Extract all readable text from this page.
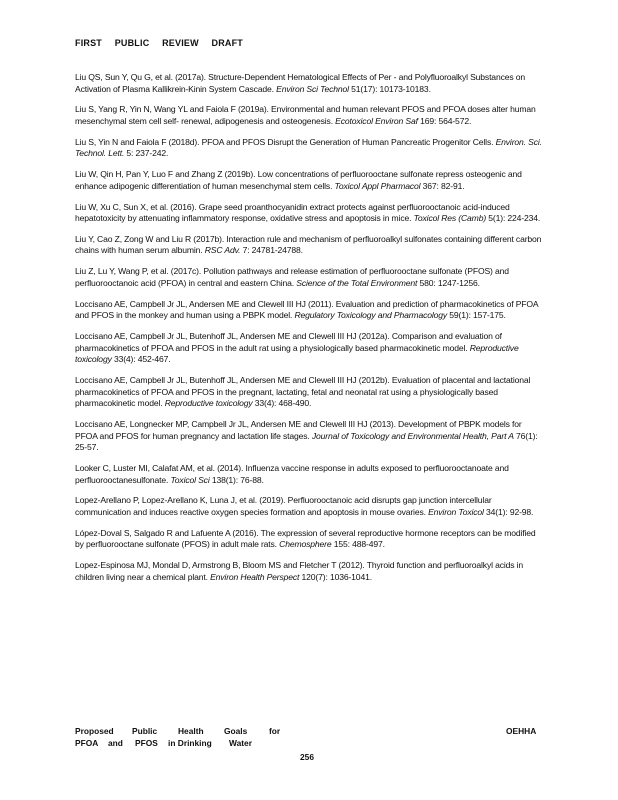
FIRST PUBLIC REVIEW DRAFT

Liu QS, Sun Y, Qu G, et al. (2017a). Structure-Dependent Hematological Effects of Per - and Polyfluoroalkyl Substances on Activation of Plasma Kallikrein-Kinin System Cascade. Environ Sci Technol 51(17): 10173-10183.

Liu S, Yang R, Yin N, Wang YL and Faiola F (2019a). Environmental and human relevant PFOS and PFOA doses alter human mesenchymal stem cell self- renewal, adipogenesis and osteogenesis. Ecotoxicol Environ Saf 169: 564-572.

Liu S, Yin N and Faiola F (2018d). PFOA and PFOS Disrupt the Generation of Human Pancreatic Progenitor Cells. Environ. Sci. Technol. Lett. 5: 237-242.

Liu W, Qin H, Pan Y, Luo F and Zhang Z (2019b). Low concentrations of perfluorooctane sulfonate repress osteogenic and enhance adipogenic differentiation of human mesenchymal stem cells. Toxicol Appl Pharmacol 367: 82-91.

Liu W, Xu C, Sun X, et al. (2016). Grape seed proanthocyanidin extract protects against perfluorooctanoic acid-induced hepatotoxicity by attenuating inflammatory response, oxidative stress and apoptosis in mice. Toxicol Res (Camb) 5(1): 224-234.

Liu Y, Cao Z, Zong W and Liu R (2017b). Interaction rule and mechanism of perfluoroalkyl sulfonates containing different carbon chains with human serum albumin. RSC Adv. 7: 24781-24788.

Liu Z, Lu Y, Wang P, et al. (2017c). Pollution pathways and release estimation of perfluorooctane sulfonate (PFOS) and perfluorooctanoic acid (PFOA) in central and eastern China. Science of the Total Environment 580: 1247-1256.

Loccisano AE, Campbell Jr JL, Andersen ME and Clewell III HJ (2011). Evaluation and prediction of pharmacokinetics of PFOA and PFOS in the monkey and human using a PBPK model. Regulatory Toxicology and Pharmacology 59(1): 157-175.

Loccisano AE, Campbell Jr JL, Butenhoff JL, Andersen ME and Clewell III HJ (2012a). Comparison and evaluation of pharmacokinetics of PFOA and PFOS in the adult rat using a physiologically based pharmacokinetic model. Reproductive toxicology 33(4): 452-467.

Loccisano AE, Campbell Jr JL, Butenhoff JL, Andersen ME and Clewell III HJ (2012b). Evaluation of placental and lactational pharmacokinetics of PFOA and PFOS in the pregnant, lactating, fetal and neonatal rat using a physiologically based pharmacokinetic model. Reproductive toxicology 33(4): 468-490.

Loccisano AE, Longnecker MP, Campbell Jr JL, Andersen ME and Clewell III HJ (2013). Development of PBPK models for PFOA and PFOS for human pregnancy and lactation life stages. Journal of Toxicology and Environmental Health, Part A 76(1): 25-57.

Looker C, Luster MI, Calafat AM, et al. (2014). Influenza vaccine response in adults exposed to perfluorooctanoate and perfluorooctanesulfonate. Toxicol Sci 138(1): 76-88.

Lopez-Arellano P, Lopez-Arellano K, Luna J, et al. (2019). Perfluorooctanoic acid disrupts gap junction intercellular communication and induces reactive oxygen species formation and apoptosis in mouse ovaries. Environ Toxicol 34(1): 92-98.

López-Doval S, Salgado R and Lafuente A (2016). The expression of several reproductive hormone receptors can be modified by perfluorooctane sulfonate (PFOS) in adult male rats. Chemosphere 155: 488-497.

Lopez-Espinosa MJ, Mondal D, Armstrong B, Bloom MS and Fletcher T (2012). Thyroid function and perfluoroalkyl acids in children living near a chemical plant. Environ Health Perspect 120(7): 1036-1041.

Proposed	Public	Health	Goals	for
PFOA	and	PFOS	in Drinking	Water
OEHHA
256
